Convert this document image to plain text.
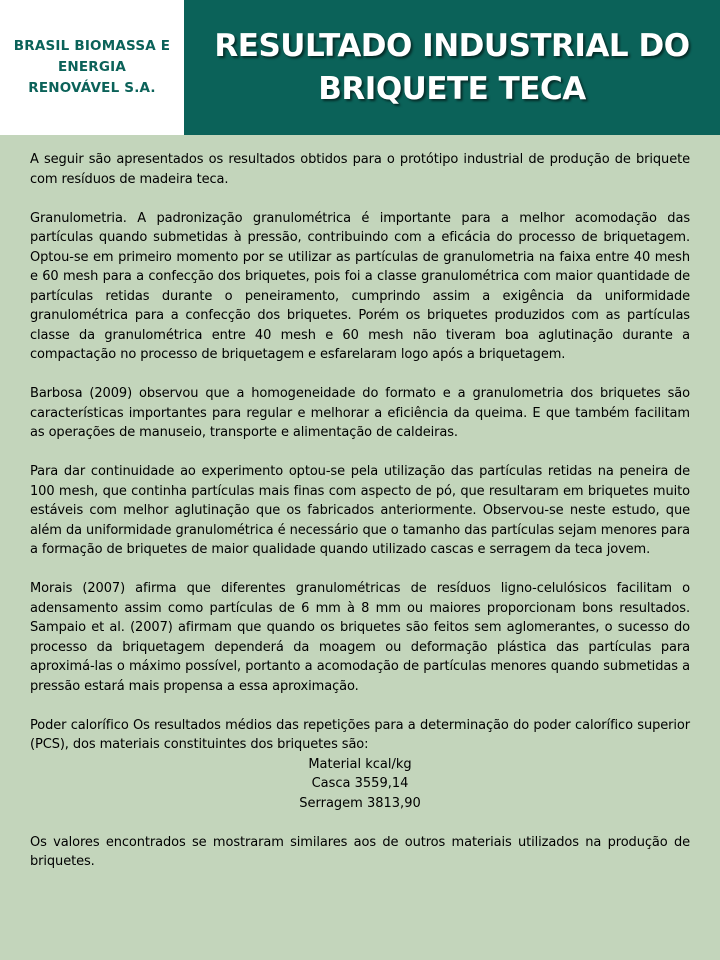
BRASIL BIOMASSA E
ENERGIA
RENOVÁVEL S.A.
RESULTADO INDUSTRIAL DO
BRIQUETE TECA

A seguir são apresentados os resultados obtidos para o protótipo industrial de produção de briquete com resíduos de madeira teca.

Granulometria. A padronização granulométrica é importante para a melhor acomodação das partículas quando submetidas à pressão, contribuindo com a eficácia do processo de briquetagem. Optou-se em primeiro momento por se utilizar as partículas de granulometria na faixa entre 40 mesh e 60 mesh para a confecção dos briquetes, pois foi a classe granulométrica com maior quantidade de partículas retidas durante o peneiramento, cumprindo assim a exigência da uniformidade granulométrica para a confecção dos briquetes. Porém os briquetes produzidos com as partículas classe da granulométrica entre 40 mesh e 60 mesh não tiveram boa aglutinação durante a compactação no processo de briquetagem e esfarelaram logo após a briquetagem.

Barbosa (2009) observou que a homogeneidade do formato e a granulometria dos briquetes são características importantes para regular e melhorar a eficiência da queima. E que também facilitam as operações de manuseio, transporte e alimentação de caldeiras.

Para dar continuidade ao experimento optou-se pela utilização das partículas retidas na peneira de 100 mesh, que continha partículas mais finas com aspecto de pó, que resultaram em briquetes muito estáveis com melhor aglutinação que os fabricados anteriormente. Observou-se neste estudo, que além da uniformidade granulométrica é necessário que o tamanho das partículas sejam menores para a formação de briquetes de maior qualidade quando utilizado cascas e serragem da teca jovem.

Morais (2007) afirma que diferentes granulométricas de resíduos ligno-celulósicos facilitam o adensamento assim como partículas de 6 mm à 8 mm ou maiores proporcionam bons resultados. Sampaio et al. (2007) afirmam que quando os briquetes são feitos sem aglomerantes, o sucesso do processo da briquetagem dependerá da moagem ou deformação plástica das partículas para aproximá-las o máximo possível, portanto a acomodação de partículas menores quando submetidas a pressão estará mais propensa a essa aproximação.

Poder calorífico Os resultados médios das repetições para a determinação do poder calorífico superior (PCS), dos materiais constituintes dos briquetes são:

Material kcal/kg
Casca 3559,14
Serragem 3813,90

Os valores encontrados se mostraram similares aos de outros materiais utilizados na produção de briquetes.
